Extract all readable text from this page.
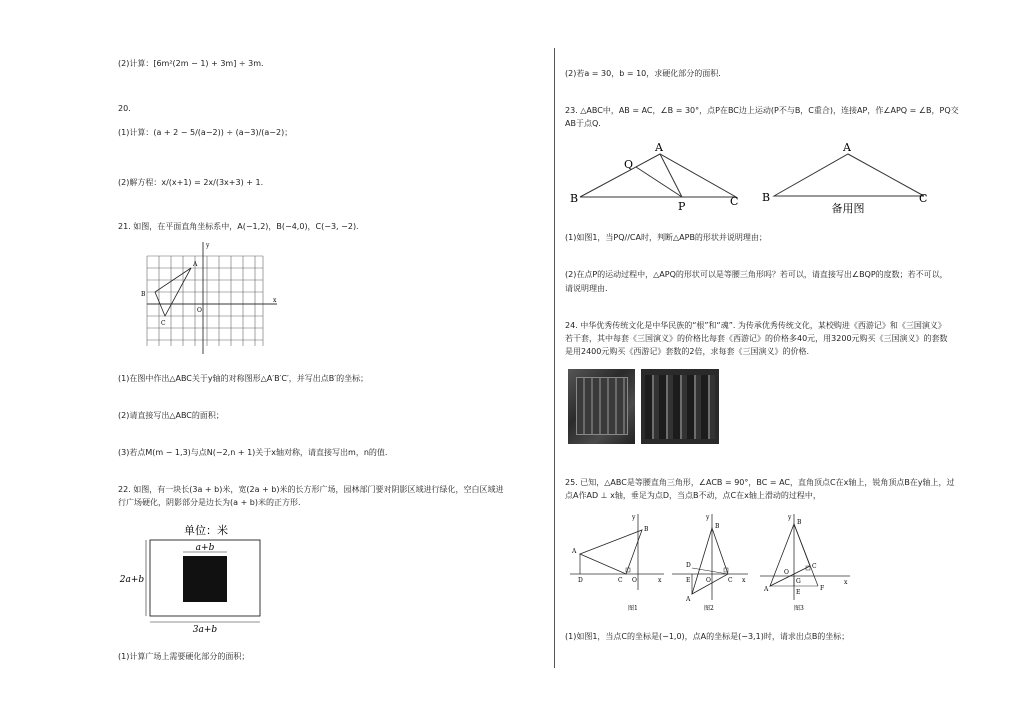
(2)计算：[6m²(2m − 1) + 3m] ÷ 3m.
20.
(1)计算：(a + 2 − 5/(a−2)) ÷ (a−3)/(a−2)；
(2)解方程：x/(x+1) = 2x/(3x+3) + 1.
21. 如图，在平面直角坐标系中，A(−1,2)，B(−4,0)，C(−3, −2).
A
B
C
O
x
y
(1)在图中作出△ABC关于y轴的对称图形△A′B′C′，并写出点B′的坐标；
(2)请直接写出△ABC的面积；
(3)若点M(m − 1,3)与点N(−2,n + 1)关于x轴对称，请直接写出m，n的值.
22. 如图，有一块长(3a + b)米，宽(2a + b)米的长方形广场，园林部门要对阴影区域进行绿化，空白区域进
行广场硬化，阴影部分是边长为(a + b)米的正方形.
单位：米
a+b
2a+b
3a+b
(1)计算广场上需要硬化部分的面积；
(2)若a = 30，b = 10，求硬化部分的面积.
23. △ABC中，AB = AC，∠B = 30°，点P在BC边上运动(P不与B，C重合)，连接AP，作∠APQ = ∠B，PQ交
AB于点Q.
A
B	C
P
Q
A
B	C
备用图
(1)如图1，当PQ//CA时，判断△APB的形状并说明理由；
(2)在点P的运动过程中，△APQ的形状可以是等腰三角形吗？若可以，请直接写出∠BQP的度数；若不可以，
请说明理由.
24. 中华优秀传统文化是中华民族的“根”和“魂”. 为传承优秀传统文化，某校购进《西游记》和《三国演义》
若干套，其中每套《三国演义》的价格比每套《西游记》的价格多40元，用3200元购买《三国演义》的套数
是用2400元购买《西游记》套数的2倍，求每套《三国演义》的价格.
25. 已知，△ABC是等腰直角三角形，∠ACB = 90°，BC = AC，直角顶点C在x轴上，锐角顶点B在y轴上，过
点A作AD ⊥ x轴，垂足为点D，当点B不动，点C在x轴上滑动的过程中，
A
B
C
D	O	x
y
图1
B
A
D
E	O	C x
y
图2
B
A
C
O
G
E
F
x
y
图3
(1)如图1，当点C的坐标是(−1,0)，点A的坐标是(−3,1)时，请求出点B的坐标；
